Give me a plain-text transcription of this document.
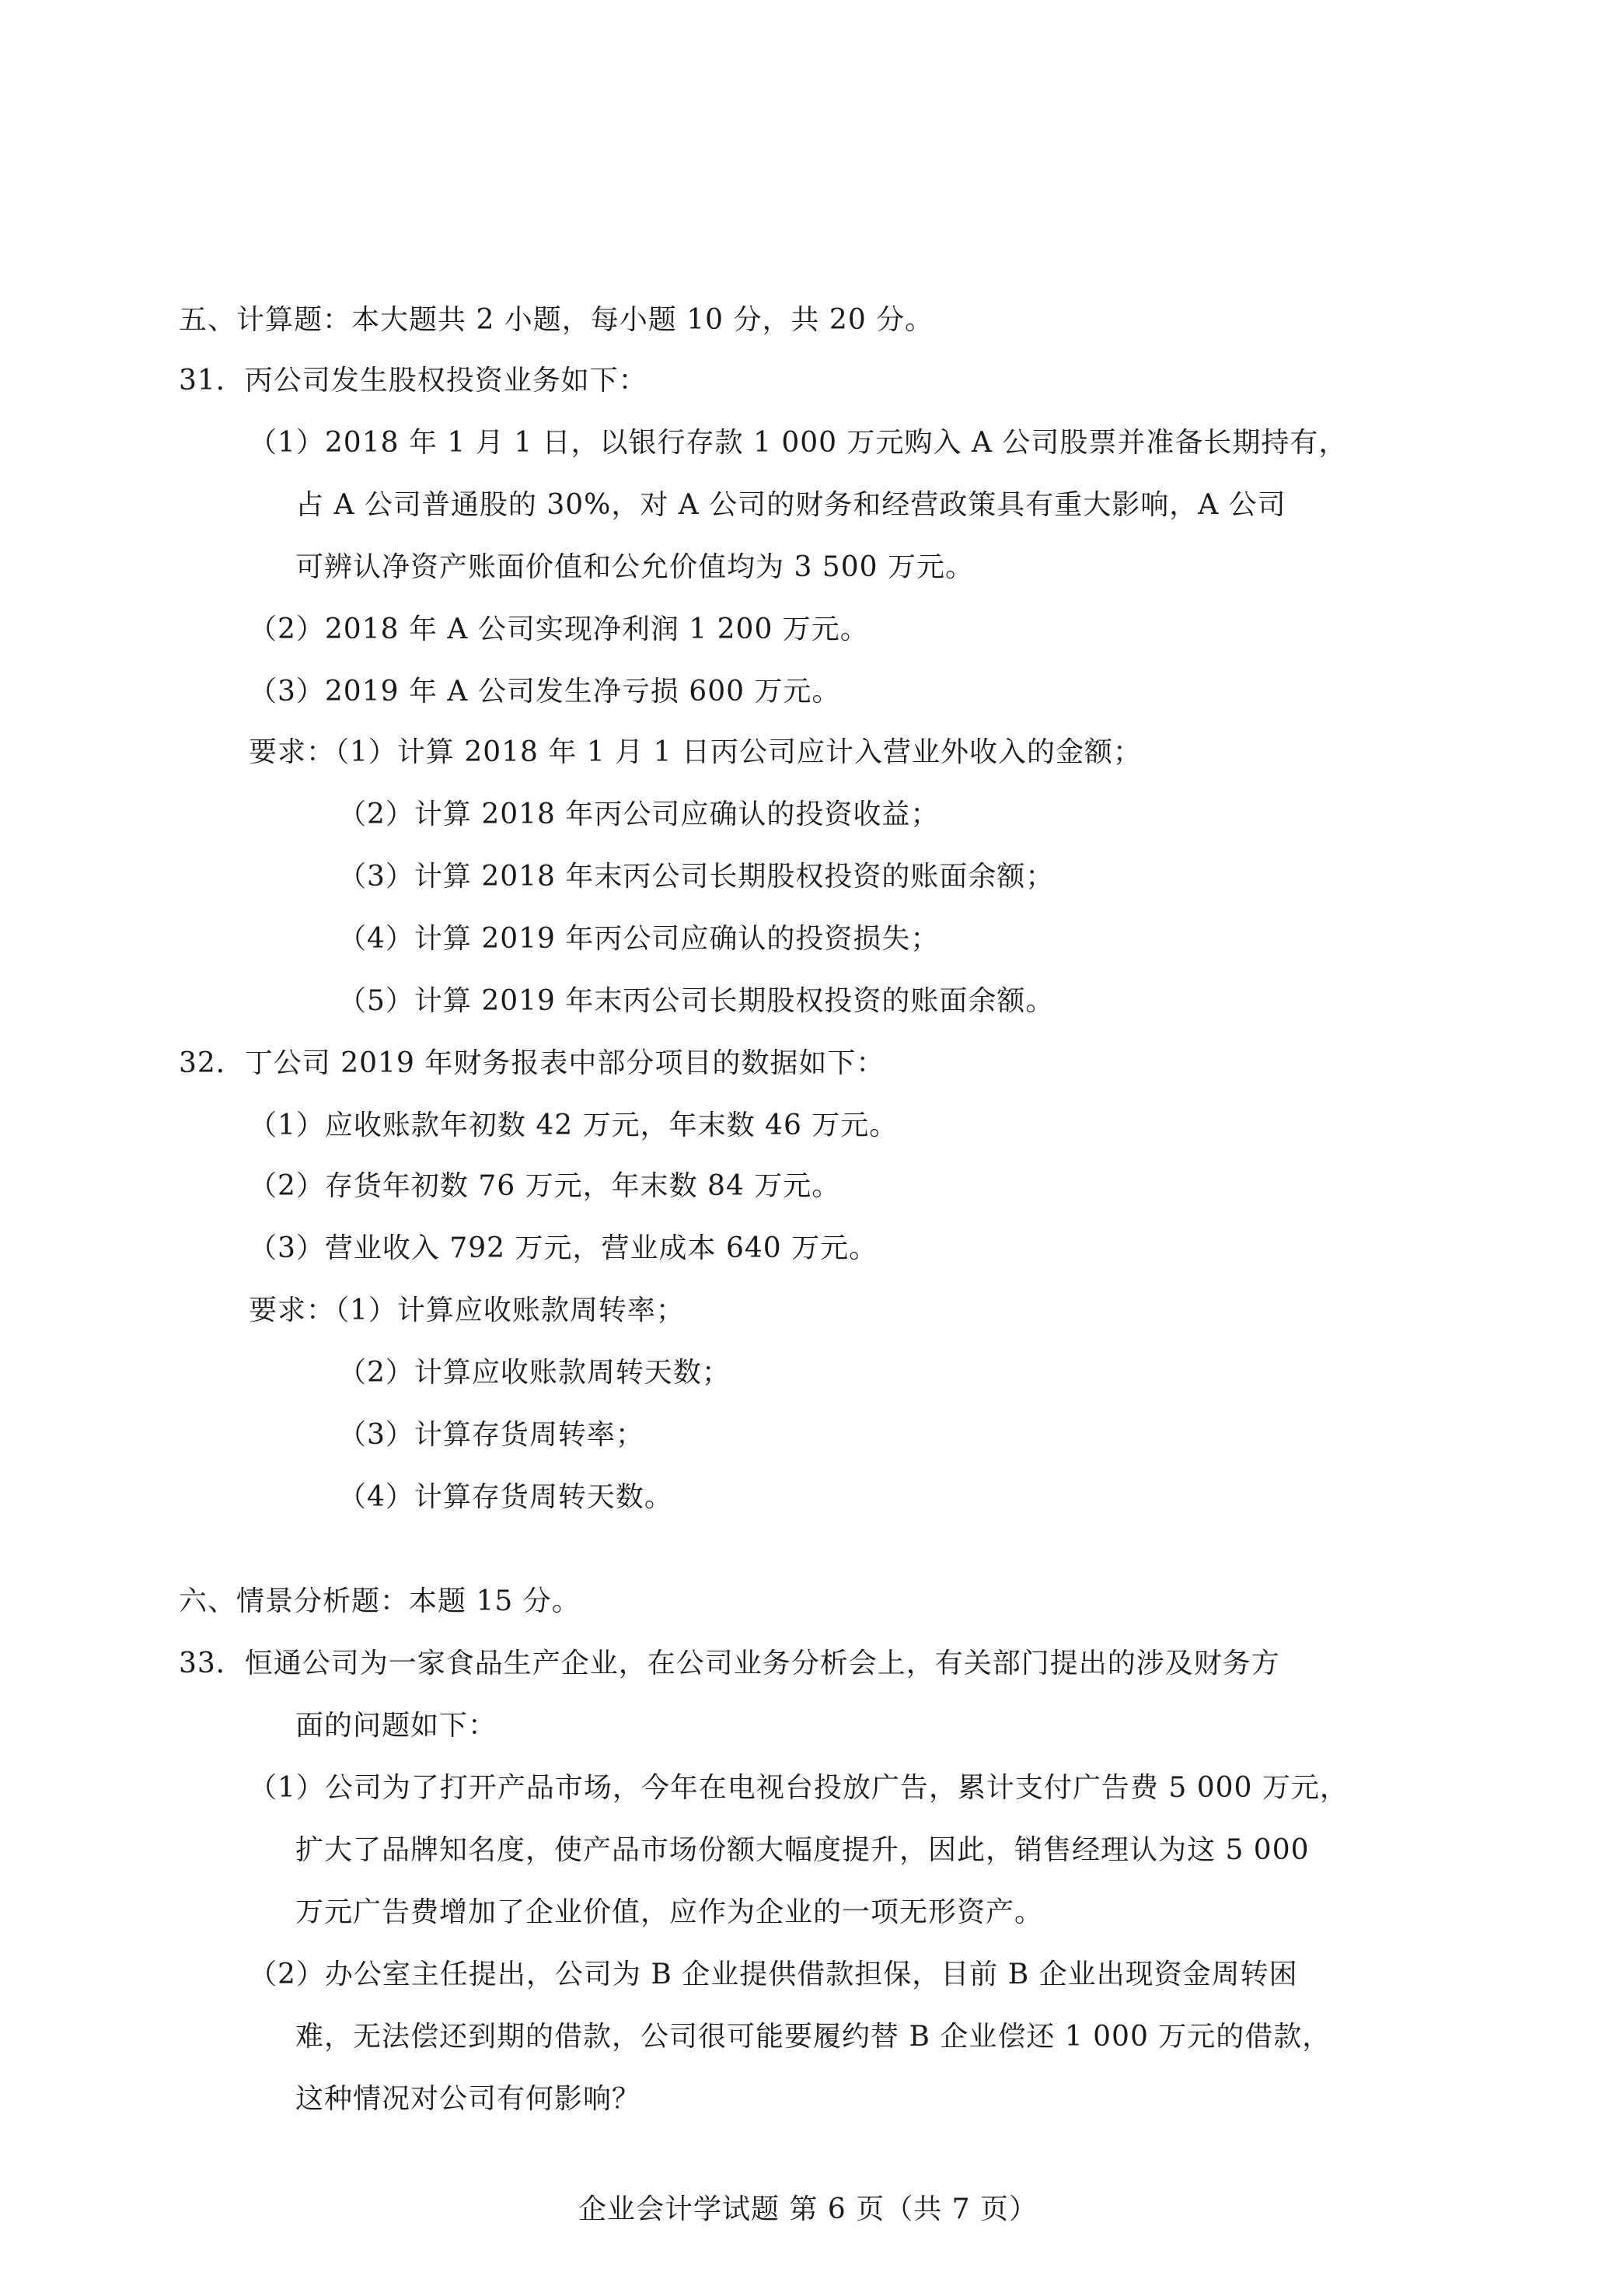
五、计算题：本大题共 2 小题，每小题 10 分，共 20 分。
31．丙公司发生股权投资业务如下：
（1）2018 年 1 月 1 日，以银行存款 1 000 万元购入 A 公司股票并准备长期持有，
占 A 公司普通股的 30%，对 A 公司的财务和经营政策具有重大影响，A 公司
可辨认净资产账面价值和公允价值均为 3 500 万元。
（2）2018 年 A 公司实现净利润 1 200 万元。
（3）2019 年 A 公司发生净亏损 600 万元。
要求：（1）计算 2018 年 1 月 1 日丙公司应计入营业外收入的金额；
（2）计算 2018 年丙公司应确认的投资收益；
（3）计算 2018 年末丙公司长期股权投资的账面余额；
（4）计算 2019 年丙公司应确认的投资损失；
（5）计算 2019 年末丙公司长期股权投资的账面余额。
32．丁公司 2019 年财务报表中部分项目的数据如下：
（1）应收账款年初数 42 万元，年末数 46 万元。
（2）存货年初数 76 万元，年末数 84 万元。
（3）营业收入 792 万元，营业成本 640 万元。
要求：（1）计算应收账款周转率；
（2）计算应收账款周转天数；
（3）计算存货周转率；
（4）计算存货周转天数。
六、情景分析题：本题 15 分。
33．恒通公司为一家食品生产企业，在公司业务分析会上，有关部门提出的涉及财务方
面的问题如下：
（1）公司为了打开产品市场，今年在电视台投放广告，累计支付广告费 5 000 万元，
扩大了品牌知名度，使产品市场份额大幅度提升，因此，销售经理认为这 5 000
万元广告费增加了企业价值，应作为企业的一项无形资产。
（2）办公室主任提出，公司为 B 企业提供借款担保，目前 B 企业出现资金周转困
难，无法偿还到期的借款，公司很可能要履约替 B 企业偿还 1 000 万元的借款，
这种情况对公司有何影响？
企业会计学试题 第 6 页（共 7 页）
